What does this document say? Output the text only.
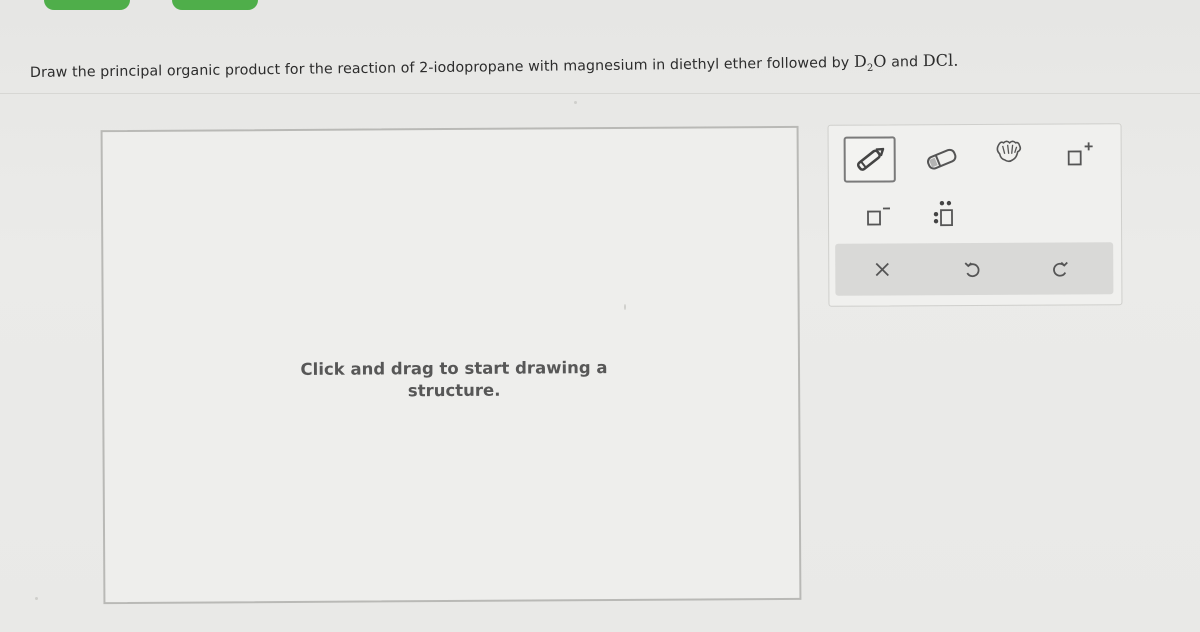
Draw the principal organic product for the reaction of 2-iodopropane with magnesium in diethyl ether followed by $D_2O$ and DCl.
Click and drag to start drawing a
structure.
